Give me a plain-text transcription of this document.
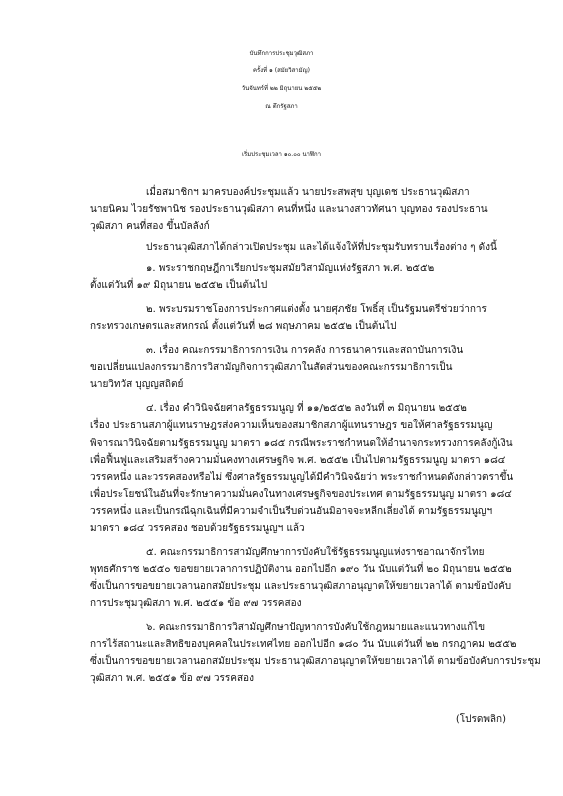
บันทึกการประชุมวุฒิสภา
ครั้งที่ ๑ (สมัยวิสามัญ)
วันจันทร์ที่ ๒๒ มิถุนายน ๒๕๕๒
ณ ตึกรัฐสภา
เริ่มประชุมเวลา ๑๐.๐๐ นาฬิกา
เมื่อสมาชิกฯ มาครบองค์ประชุมแล้ว นายประสพสุข บุญเดช ประธานวุฒิสภา
นายนิคม ไวยรัชพานิช รองประธานวุฒิสภา คนที่หนึ่ง และนางสาวทัศนา บุญทอง รองประธาน
วุฒิสภา คนที่สอง ขึ้นบัลลังก์
ประธานวุฒิสภาได้กล่าวเปิดประชุม และได้แจ้งให้ที่ประชุมรับทราบเรื่องต่าง ๆ ดังนี้
๑. พระราชกฤษฎีกาเรียกประชุมสมัยวิสามัญแห่งรัฐสภา พ.ศ. ๒๕๕๒
ตั้งแต่วันที่ ๑๙ มิถุนายน ๒๕๕๒ เป็นต้นไป
๒. พระบรมราชโองการประกาศแต่งตั้ง นายศุภชัย โพธิ์สุ เป็นรัฐมนตรีช่วยว่าการ
กระทรวงเกษตรและสหกรณ์ ตั้งแต่วันที่ ๒๘ พฤษภาคม ๒๕๕๒ เป็นต้นไป
๓. เรื่อง คณะกรรมาธิการการเงิน การคลัง การธนาคารและสถาบันการเงิน
ขอเปลี่ยนแปลงกรรมาธิการวิสามัญกิจการวุฒิสภาในสัดส่วนของคณะกรรมาธิการเป็น
นายวิทวัส บุญญสถิตย์
๔. เรื่อง คำวินิจฉัยศาลรัฐธรรมนูญ ที่ ๑๑/๒๕๕๒ ลงวันที่ ๓ มิถุนายน ๒๕๕๒
เรื่อง ประธานสภาผู้แทนราษฎรส่งความเห็นของสมาชิกสภาผู้แทนราษฎร ขอให้ศาลรัฐธรรมนูญ
พิจารณาวินิจฉัยตามรัฐธรรมนูญ มาตรา ๑๘๕ กรณีพระราชกำหนดให้อำนาจกระทรวงการคลังกู้เงิน
เพื่อฟื้นฟูและเสริมสร้างความมั่นคงทางเศรษฐกิจ พ.ศ. ๒๕๕๒ เป็นไปตามรัฐธรรมนูญ มาตรา ๑๘๔
วรรคหนึ่ง และวรรคสองหรือไม่ ซึ่งศาลรัฐธรรมนูญได้มีคำวินิจฉัยว่า พระราชกำหนดดังกล่าวตราขึ้น
เพื่อประโยชน์ในอันที่จะรักษาความมั่นคงในทางเศรษฐกิจของประเทศ ตามรัฐธรรมนูญ มาตรา ๑๘๔
วรรคหนึ่ง และเป็นกรณีฉุกเฉินที่มีความจำเป็นรีบด่วนอันมิอาจจะหลีกเลี่ยงได้ ตามรัฐธรรมนูญฯ
มาตรา ๑๘๔ วรรคสอง ชอบด้วยรัฐธรรมนูญฯ แล้ว
๕. คณะกรรมาธิการสามัญศึกษาการบังคับใช้รัฐธรรมนูญแห่งราชอาณาจักรไทย
พุทธศักราช ๒๕๕๐ ขอขยายเวลาการปฏิบัติงาน ออกไปอีก ๑๙๐ วัน นับแต่วันที่ ๒๐ มิถุนายน ๒๕๕๒
ซึ่งเป็นการขอขยายเวลานอกสมัยประชุม และประธานวุฒิสภาอนุญาตให้ขยายเวลาได้ ตามข้อบังคับ
การประชุมวุฒิสภา พ.ศ. ๒๕๕๑ ข้อ ๙๗ วรรคสอง
๖. คณะกรรมาธิการวิสามัญศึกษาปัญหาการบังคับใช้กฎหมายและแนวทางแก้ไข
การไร้สถานะและสิทธิของบุคคลในประเทศไทย ออกไปอีก ๑๘๐ วัน นับแต่วันที่ ๒๒ กรกฎาคม ๒๕๕๒
ซึ่งเป็นการขอขยายเวลานอกสมัยประชุม ประธานวุฒิสภาอนุญาตให้ขยายเวลาได้ ตามข้อบังคับการประชุม
วุฒิสภา พ.ศ. ๒๕๕๑ ข้อ ๙๗ วรรคสอง
(โปรดพลิก)
